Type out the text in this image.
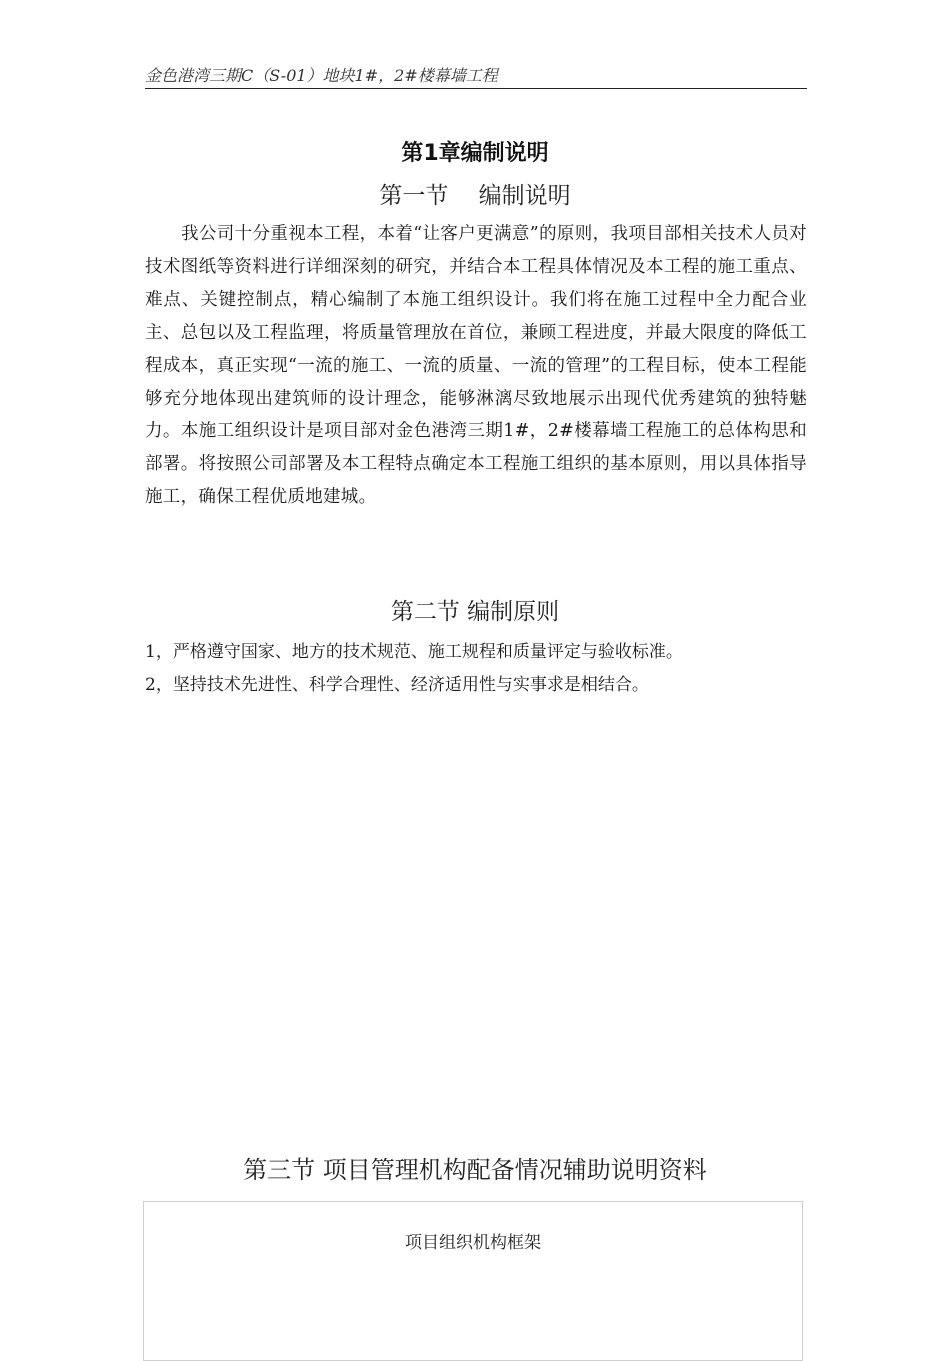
金色港湾三期C（S-01）地块1#，2#楼幕墙工程
第1章编制说明
第一节　 编制说明

我公司十分重视本工程，本着“让客户更满意”的原则，我项目部相关技术人员对技术图纸等资料进行详细深刻的研究，并结合本工程具体情况及本工程的施工重点、难点、关键控制点，精心编制了本施工组织设计。我们将在施工过程中全力配合业主、总包以及工程监理，将质量管理放在首位，兼顾工程进度，并最大限度的降低工程成本，真正实现“一流的施工、一流的质量、一流的管理”的工程目标，使本工程能够充分地体现出建筑师的设计理念，能够淋漓尽致地展示出现代优秀建筑的独特魅力。本施工组织设计是项目部对金色港湾三期1#，2#楼幕墙工程施工的总体构思和部署。将按照公司部署及本工程特点确定本工程施工组织的基本原则，用以具体指导施工，确保工程优质地建城。

第二节 编制原则
1，严格遵守国家、地方的技术规范、施工规程和质量评定与验收标准。
2，坚持技术先进性、科学合理性、经济适用性与实事求是相结合。
第三节 项目管理机构配备情况辅助说明资料
项目组织机构框架
